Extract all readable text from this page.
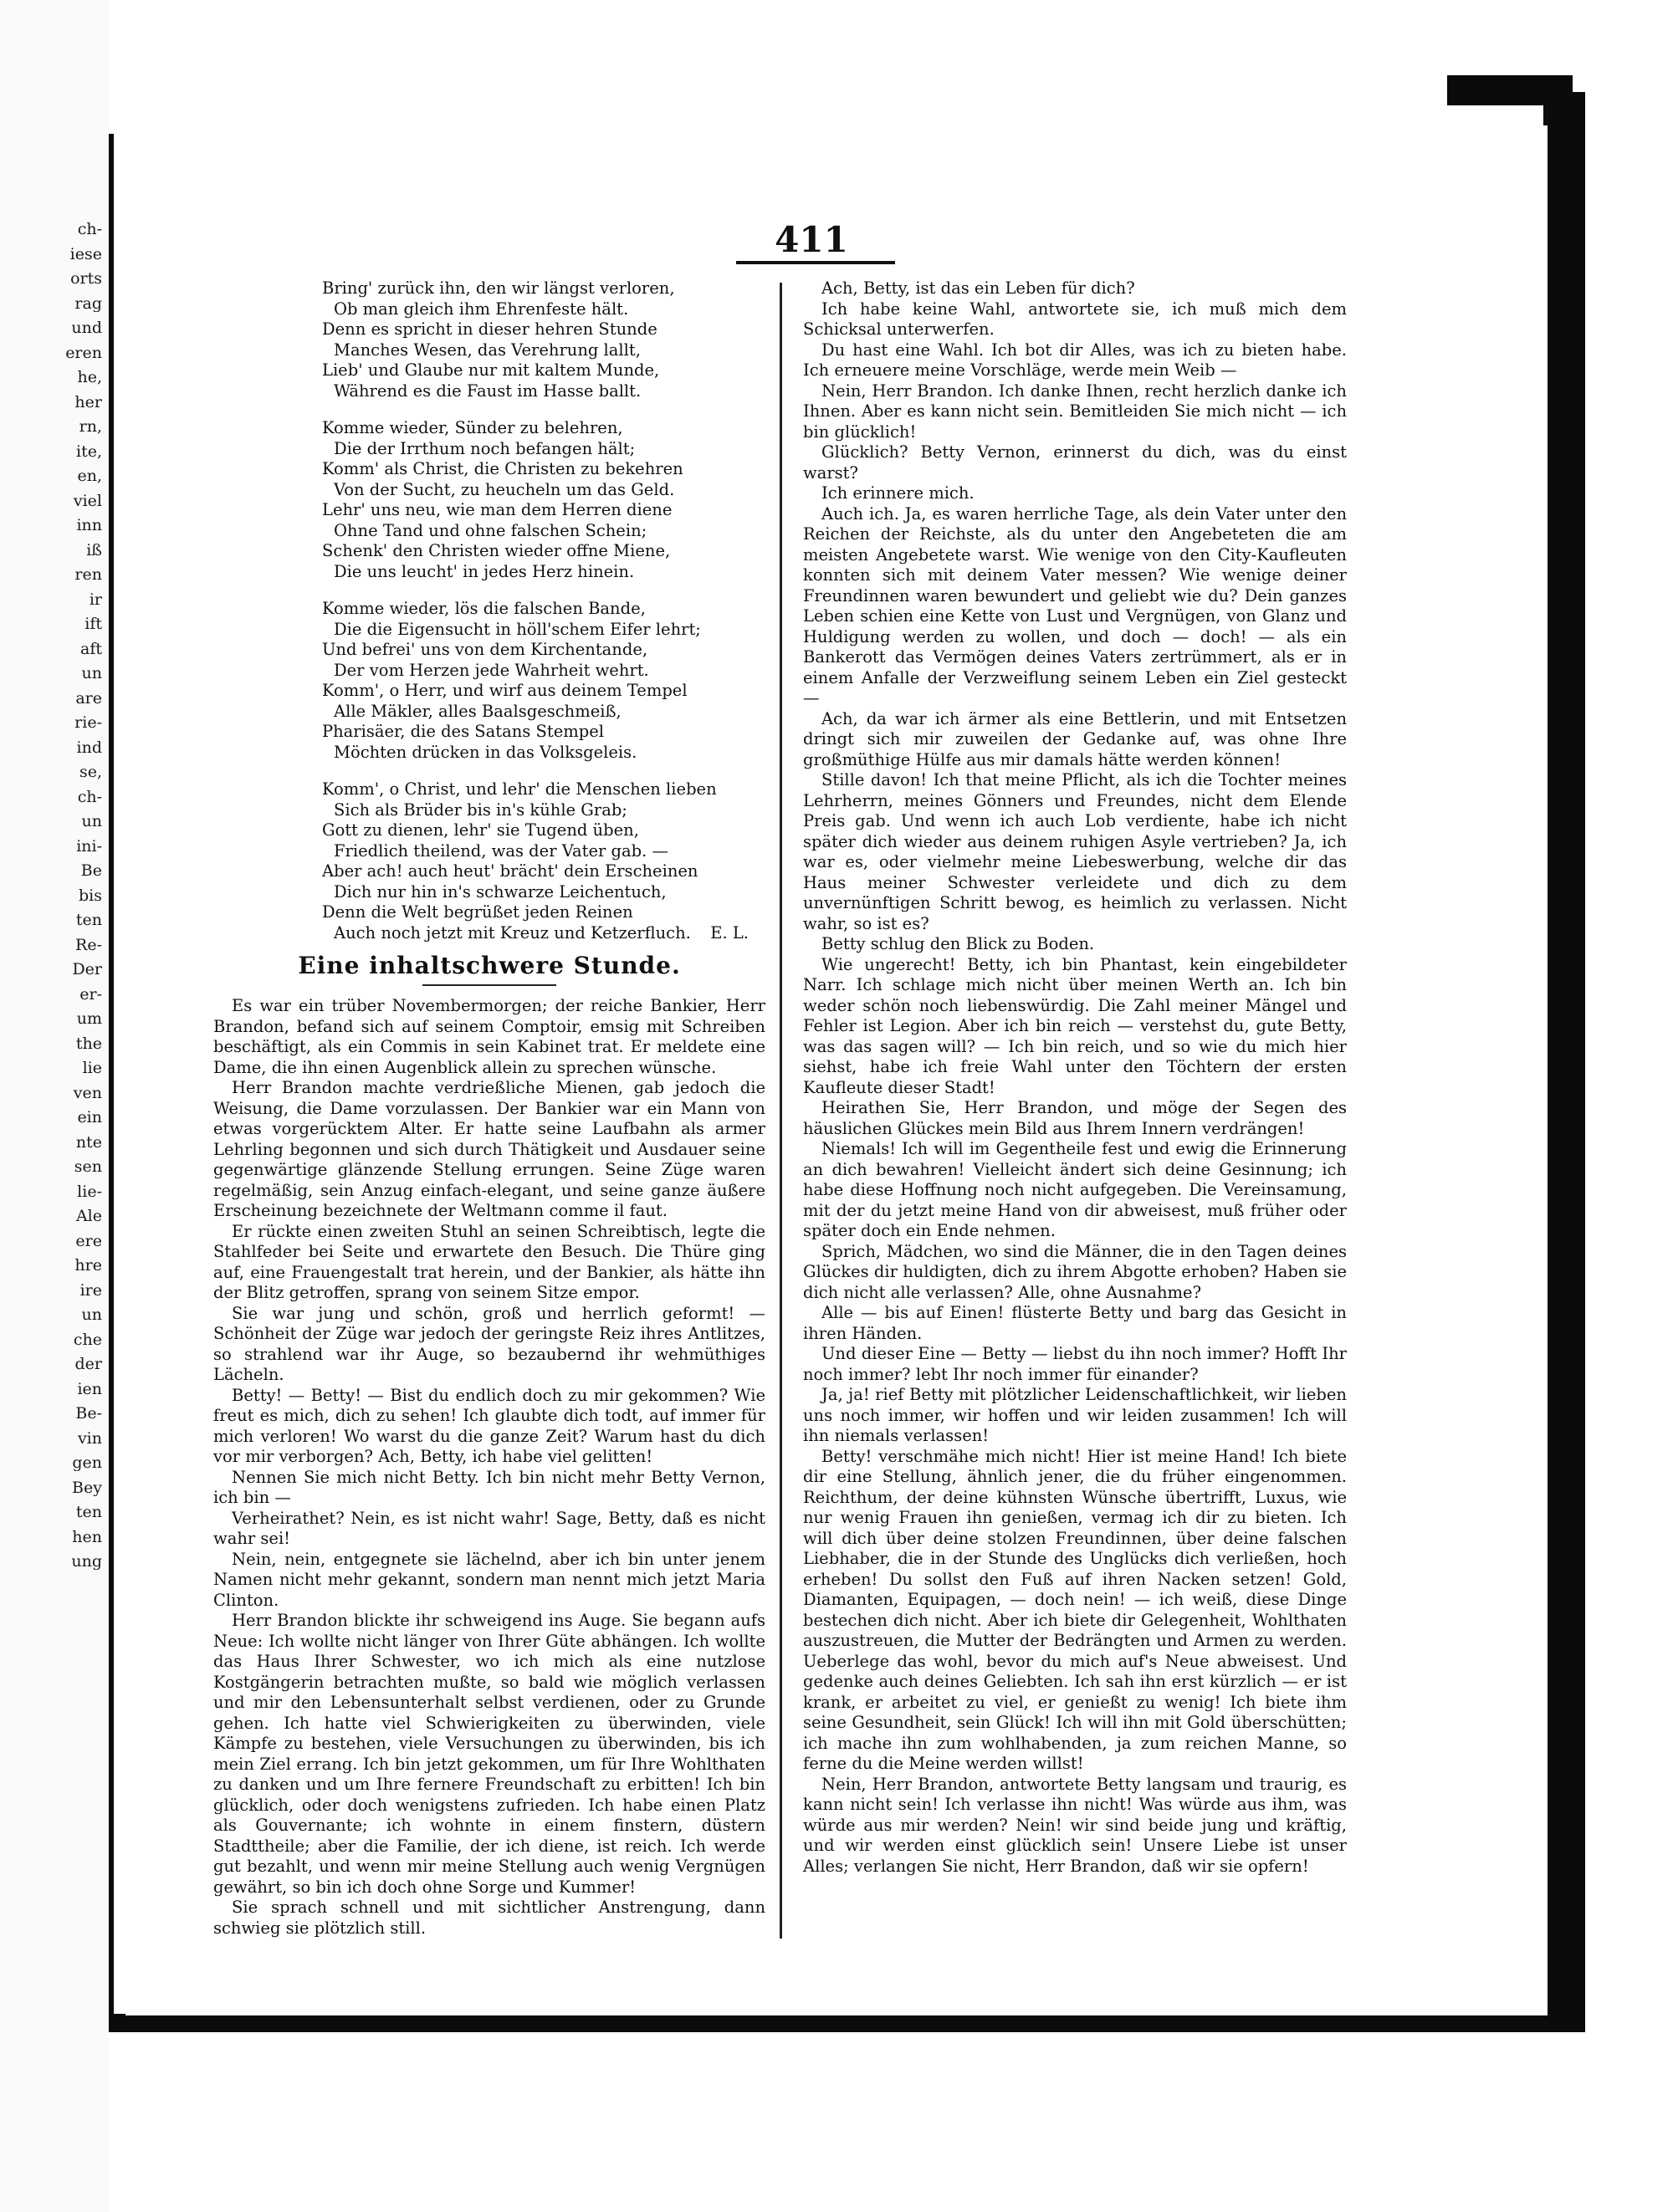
ch-
iese
orts
rag
und
eren
he,
her
rn,
ite,
en,
viel
inn
iß
ren
ir
ift
aft
un
are
rie-
ind
se,
ch-
un
ini-
Be
bis
ten
Re-
Der
er-
um
the
lie
ven
ein
nte
sen
lie-
Ale
ere
hre
ire
un
che
der
ien
Be-
vin
gen
Bey
ten
hen
ung
411
Bring' zurück ihn, den wir längst verloren,
Ob man gleich ihm Ehrenfeste hält.
Denn es spricht in dieser hehren Stunde
Manches Wesen, das Verehrung lallt,
Lieb' und Glaube nur mit kaltem Munde,
Während es die Faust im Hasse ballt.
Komme wieder, Sünder zu belehren,
Die der Irrthum noch befangen hält;
Komm' als Christ, die Christen zu bekehren
Von der Sucht, zu heucheln um das Geld.
Lehr' uns neu, wie man dem Herren diene
Ohne Tand und ohne falschen Schein;
Schenk' den Christen wieder offne Miene,
Die uns leucht' in jedes Herz hinein.
Komme wieder, lös die falschen Bande,
Die die Eigensucht in höll'schem Eifer lehrt;
Und befrei' uns von dem Kirchentande,
Der vom Herzen jede Wahrheit wehrt.
Komm', o Herr, und wirf aus deinem Tempel
Alle Mäkler, alles Baalsgeschmeiß,
Pharisäer, die des Satans Stempel
Möchten drücken in das Volksgeleis.
Komm', o Christ, und lehr' die Menschen lieben
Sich als Brüder bis in's kühle Grab;
Gott zu dienen, lehr' sie Tugend üben,
Friedlich theilend, was der Vater gab. —
Aber ach! auch heut' brächt' dein Erscheinen
Dich nur hin in's schwarze Leichentuch,
Denn die Welt begrüßet jeden Reinen
Auch noch jetzt mit Kreuz und Ketzerfluch.	E. L.
Eine inhaltschwere Stunde.

Es war ein trüber Novembermorgen; der reiche Bankier, Herr Brandon, befand sich auf seinem Comptoir, emsig mit Schreiben beschäftigt, als ein Commis in sein Kabinet trat. Er meldete eine Dame, die ihn einen Augenblick allein zu sprechen wünsche.

Herr Brandon machte verdrießliche Mienen, gab jedoch die Weisung, die Dame vorzulassen. Der Bankier war ein Mann von etwas vorgerücktem Alter. Er hatte seine Laufbahn als armer Lehrling begonnen und sich durch Thätigkeit und Ausdauer seine gegenwärtige glänzende Stellung errungen. Seine Züge waren regelmäßig, sein Anzug einfach-elegant, und seine ganze äußere Erscheinung bezeichnete der Weltmann comme il faut.

Er rückte einen zweiten Stuhl an seinen Schreibtisch, legte die Stahlfeder bei Seite und erwartete den Besuch. Die Thüre ging auf, eine Frauengestalt trat herein, und der Bankier, als hätte ihn der Blitz getroffen, sprang von seinem Sitze empor.

Sie war jung und schön, groß und herrlich geformt! — Schönheit der Züge war jedoch der geringste Reiz ihres Antlitzes, so strahlend war ihr Auge, so bezaubernd ihr wehmüthiges Lächeln.

Betty! — Betty! — Bist du endlich doch zu mir gekommen? Wie freut es mich, dich zu sehen! Ich glaubte dich todt, auf immer für mich verloren! Wo warst du die ganze Zeit? Warum hast du dich vor mir verborgen? Ach, Betty, ich habe viel gelitten!

Nennen Sie mich nicht Betty. Ich bin nicht mehr Betty Vernon, ich bin —

Verheirathet? Nein, es ist nicht wahr! Sage, Betty, daß es nicht wahr sei!

Nein, nein, entgegnete sie lächelnd, aber ich bin unter jenem Namen nicht mehr gekannt, sondern man nennt mich jetzt Maria Clinton.

Herr Brandon blickte ihr schweigend ins Auge. Sie begann aufs Neue: Ich wollte nicht länger von Ihrer Güte abhängen. Ich wollte das Haus Ihrer Schwester, wo ich mich als eine nutzlose Kostgängerin betrachten mußte, so bald wie möglich verlassen und mir den Lebensunterhalt selbst verdienen, oder zu Grunde gehen. Ich hatte viel Schwierigkeiten zu überwinden, viele Kämpfe zu bestehen, viele Versuchungen zu überwinden, bis ich mein Ziel errang. Ich bin jetzt gekommen, um für Ihre Wohlthaten zu danken und um Ihre fernere Freundschaft zu erbitten! Ich bin glücklich, oder doch wenigstens zufrieden. Ich habe einen Platz als Gouvernante; ich wohnte in einem finstern, düstern Stadttheile; aber die Familie, der ich diene, ist reich. Ich werde gut bezahlt, und wenn mir meine Stellung auch wenig Vergnügen gewährt, so bin ich doch ohne Sorge und Kummer!

Sie sprach schnell und mit sichtlicher Anstrengung, dann schwieg sie plötzlich still.

Ach, Betty, ist das ein Leben für dich?

Ich habe keine Wahl, antwortete sie, ich muß mich dem Schicksal unterwerfen.

Du hast eine Wahl. Ich bot dir Alles, was ich zu bieten habe. Ich erneuere meine Vorschläge, werde mein Weib —

Nein, Herr Brandon. Ich danke Ihnen, recht herzlich danke ich Ihnen. Aber es kann nicht sein. Bemitleiden Sie mich nicht — ich bin glücklich!

Glücklich? Betty Vernon, erinnerst du dich, was du einst warst?

Ich erinnere mich.

Auch ich. Ja, es waren herrliche Tage, als dein Vater unter den Reichen der Reichste, als du unter den Angebeteten die am meisten Angebetete warst. Wie wenige von den City-Kaufleuten konnten sich mit deinem Vater messen? Wie wenige deiner Freundinnen waren bewundert und geliebt wie du? Dein ganzes Leben schien eine Kette von Lust und Vergnügen, von Glanz und Huldigung werden zu wollen, und doch — doch! — als ein Bankerott das Vermögen deines Vaters zertrümmert, als er in einem Anfalle der Verzweiflung seinem Leben ein Ziel gesteckt —

Ach, da war ich ärmer als eine Bettlerin, und mit Entsetzen dringt sich mir zuweilen der Gedanke auf, was ohne Ihre großmüthige Hülfe aus mir damals hätte werden können!

Stille davon! Ich that meine Pflicht, als ich die Tochter meines Lehrherrn, meines Gönners und Freundes, nicht dem Elende Preis gab. Und wenn ich auch Lob verdiente, habe ich nicht später dich wieder aus deinem ruhigen Asyle vertrieben? Ja, ich war es, oder vielmehr meine Liebeswerbung, welche dir das Haus meiner Schwester verleidete und dich zu dem unvernünftigen Schritt bewog, es heimlich zu verlassen. Nicht wahr, so ist es?

Betty schlug den Blick zu Boden.

Wie ungerecht! Betty, ich bin Phantast, kein eingebildeter Narr. Ich schlage mich nicht über meinen Werth an. Ich bin weder schön noch liebenswürdig. Die Zahl meiner Mängel und Fehler ist Legion. Aber ich bin reich — verstehst du, gute Betty, was das sagen will? — Ich bin reich, und so wie du mich hier siehst, habe ich freie Wahl unter den Töchtern der ersten Kaufleute dieser Stadt!

Heirathen Sie, Herr Brandon, und möge der Segen des häuslichen Glückes mein Bild aus Ihrem Innern verdrängen!

Niemals! Ich will im Gegentheile fest und ewig die Erinnerung an dich bewahren! Vielleicht ändert sich deine Gesinnung; ich habe diese Hoffnung noch nicht aufgegeben. Die Vereinsamung, mit der du jetzt meine Hand von dir abweisest, muß früher oder später doch ein Ende nehmen.

Sprich, Mädchen, wo sind die Männer, die in den Tagen deines Glückes dir huldigten, dich zu ihrem Abgotte erhoben? Haben sie dich nicht alle verlassen? Alle, ohne Ausnahme?

Alle — bis auf Einen! flüsterte Betty und barg das Gesicht in ihren Händen.

Und dieser Eine — Betty — liebst du ihn noch immer? Hofft Ihr noch immer? lebt Ihr noch immer für einander?

Ja, ja! rief Betty mit plötzlicher Leidenschaftlichkeit, wir lieben uns noch immer, wir hoffen und wir leiden zusammen! Ich will ihn niemals verlassen!

Betty! verschmähe mich nicht! Hier ist meine Hand! Ich biete dir eine Stellung, ähnlich jener, die du früher eingenommen. Reichthum, der deine kühnsten Wünsche übertrifft, Luxus, wie nur wenig Frauen ihn genießen, vermag ich dir zu bieten. Ich will dich über deine stolzen Freundinnen, über deine falschen Liebhaber, die in der Stunde des Unglücks dich verließen, hoch erheben! Du sollst den Fuß auf ihren Nacken setzen! Gold, Diamanten, Equipagen, — doch nein! — ich weiß, diese Dinge bestechen dich nicht. Aber ich biete dir Gelegenheit, Wohlthaten auszustreuen, die Mutter der Bedrängten und Armen zu werden. Ueberlege das wohl, bevor du mich auf's Neue abweisest. Und gedenke auch deines Geliebten. Ich sah ihn erst kürzlich — er ist krank, er arbeitet zu viel, er genießt zu wenig! Ich biete ihm seine Gesundheit, sein Glück! Ich will ihn mit Gold überschütten; ich mache ihn zum wohlhabenden, ja zum reichen Manne, so ferne du die Meine werden willst!

Nein, Herr Brandon, antwortete Betty langsam und traurig, es kann nicht sein! Ich verlasse ihn nicht! Was würde aus ihm, was würde aus mir werden? Nein! wir sind beide jung und kräftig, und wir werden einst glücklich sein! Unsere Liebe ist unser Alles; verlangen Sie nicht, Herr Brandon, daß wir sie opfern!
